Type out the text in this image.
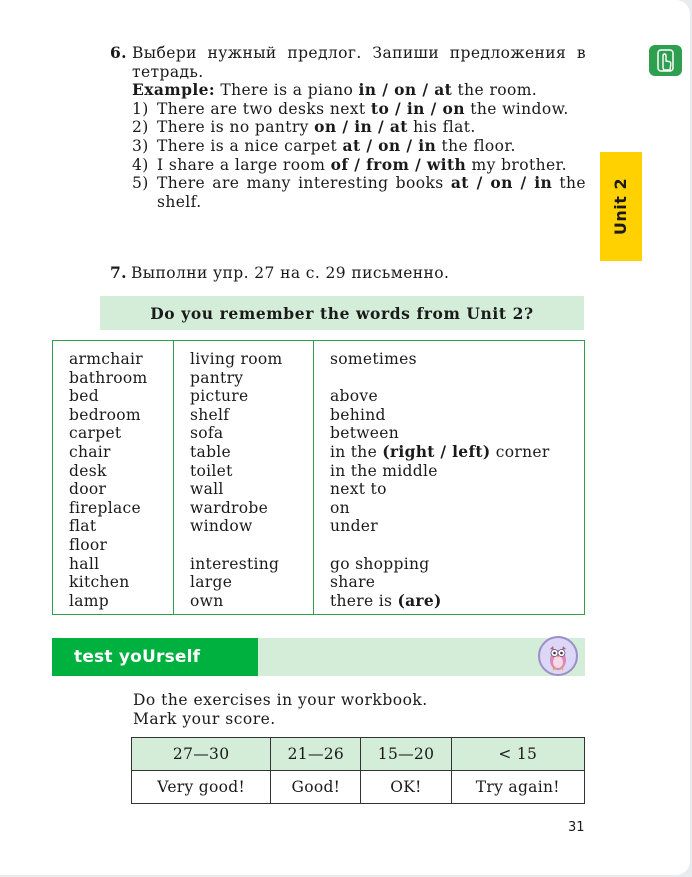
Unit 2
6. Выбери нужный предлог. Запиши предложения в тетрадь.
Example: There is a piano in / on / at the room.
1) There are two desks next to / in / on the window.
2) There is no pantry on / in / at his flat.
3) There is a nice carpet at / on / in the floor.
4) I share a large room of / from / with my brother.
5) There are many interesting books at / on / in the shelf.
7. Выполни упр. 27 на с. 29 письменно.
Do you remember the words from Unit 2?
armchair
bathroom
bed
bedroom
carpet
chair
desk
door
fireplace
flat
floor
hall
kitchen
lamp
living room
pantry
picture
shelf
sofa
table
toilet
wall
wardrobe
window
interesting
large
own
sometimes
above
behind
between
in the (right / left) corner
in the middle
next to
on
under
go shopping
share
there is (are)
test yoUrself
Do the exercises in your workbook.
Mark your score.
27—30	21—26	15—20	< 15
Very good!	Good!	OK!	Try again!
31
